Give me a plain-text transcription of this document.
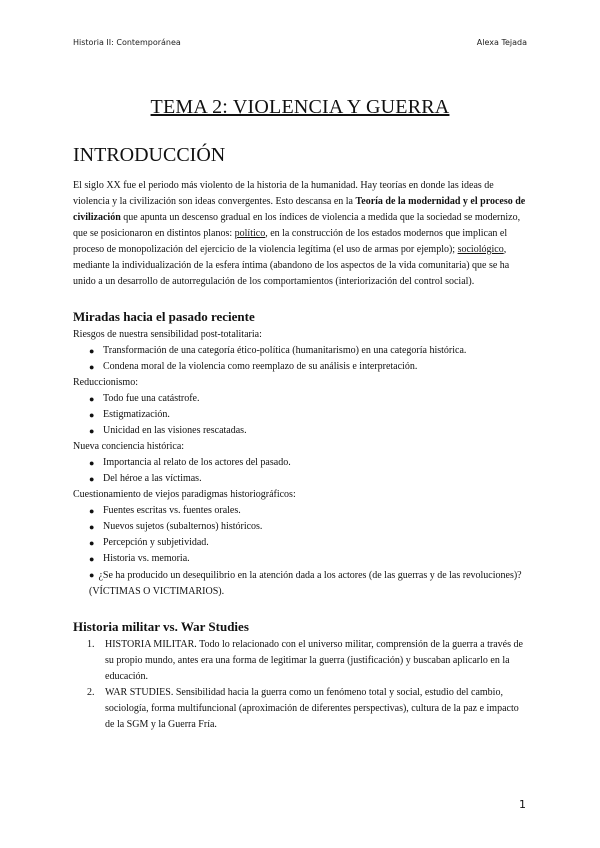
Historia II: Contemporánea	Alexa Tejada
TEMA 2: VIOLENCIA Y GUERRA
INTRODUCCIÓN

El siglo XX fue el periodo más violento de la historia de la humanidad. Hay teorías en donde las ideas de violencia y la civilización son ideas convergentes. Esto descansa en la Teoría de la modernidad y el proceso de civilización que apunta un descenso gradual en los índices de violencia a medida que la sociedad se modernizo, que se posicionaron en distintos planos: político, en la construcción de los estados modernos que implican el proceso de monopolización del ejercicio de la violencia legítima (el uso de armas por ejemplo); sociológico, mediante la individualización de la esfera íntima (abandono de los aspectos de la vida comunitaria) que se ha unido a un desarrollo de autorregulación de los comportamientos (interiorización del control social).

Miradas hacia el pasado reciente
Riesgos de nuestra sensibilidad post-totalitaria:
● Transformación de una categoría ético-política (humanitarismo) en una categoría histórica.
● Condena moral de la violencia como reemplazo de su análisis e interpretación.
Reduccionismo:
● Todo fue una catástrofe.
● Estigmatización.
● Unicidad en las visiones rescatadas.
Nueva conciencia histórica:
● Importancia al relato de los actores del pasado.
● Del héroe a las víctimas.
Cuestionamiento de viejos paradigmas historiográficos:
● Fuentes escritas vs. fuentes orales.
● Nuevos sujetos (subalternos) históricos.
● Percepción y subjetividad.
● Historia vs. memoria.
● ¿Se ha producido un desequilibrio en la atención dada a los actores (de las guerras y de las revoluciones)? (VÍCTIMAS O VICTIMARIOS).
Historia militar vs. War Studies
1. HISTORIA MILITAR. Todo lo relacionado con el universo militar, comprensión de la guerra a través de su propio mundo, antes era una forma de legitimar la guerra (justificación) y buscaban aplicarlo en la educación.
2. WAR STUDIES. Sensibilidad hacia la guerra como un fenómeno total y social, estudio del cambio, sociología, forma multifuncional (aproximación de diferentes perspectivas), cultura de la paz e impacto de la SGM y la Guerra Fría.
1
